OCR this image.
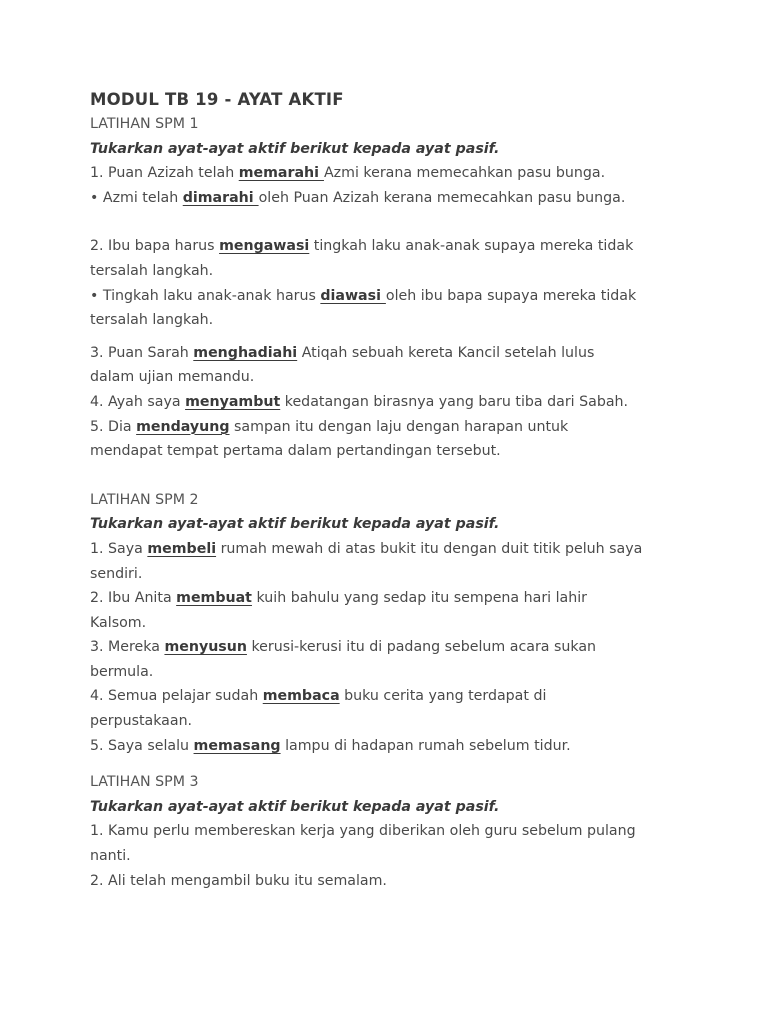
MODUL TB 19 - AYAT AKTIF
LATIHAN SPM 1
Tukarkan ayat-ayat aktif berikut kepada ayat pasif.
1. Puan Azizah telah memarahi Azmi kerana memecahkan pasu bunga.
• Azmi telah dimarahi oleh Puan Azizah kerana memecahkan pasu bunga.
2. Ibu bapa harus mengawasi tingkah laku anak-anak supaya mereka tidak
tersalah langkah.
• Tingkah laku anak-anak harus diawasi oleh ibu bapa supaya mereka tidak
tersalah langkah.
3. Puan Sarah menghadiahi Atiqah sebuah kereta Kancil setelah lulus
dalam ujian memandu.
4. Ayah saya menyambut kedatangan birasnya yang baru tiba dari Sabah.
5. Dia mendayung sampan itu dengan laju dengan harapan untuk
mendapat tempat pertama dalam pertandingan tersebut.
LATIHAN SPM 2
Tukarkan ayat-ayat aktif berikut kepada ayat pasif.
1. Saya membeli rumah mewah di atas bukit itu dengan duit titik peluh saya
sendiri.
2. Ibu Anita membuat kuih bahulu yang sedap itu sempena hari lahir
Kalsom.
3. Mereka menyusun kerusi-kerusi itu di padang sebelum acara sukan
bermula.
4. Semua pelajar sudah membaca buku cerita yang terdapat di
perpustakaan.
5. Saya selalu memasang lampu di hadapan rumah sebelum tidur.
LATIHAN SPM 3
Tukarkan ayat-ayat aktif berikut kepada ayat pasif.
1. Kamu perlu membereskan kerja yang diberikan oleh guru sebelum pulang
nanti.
2. Ali telah mengambil buku itu semalam.
